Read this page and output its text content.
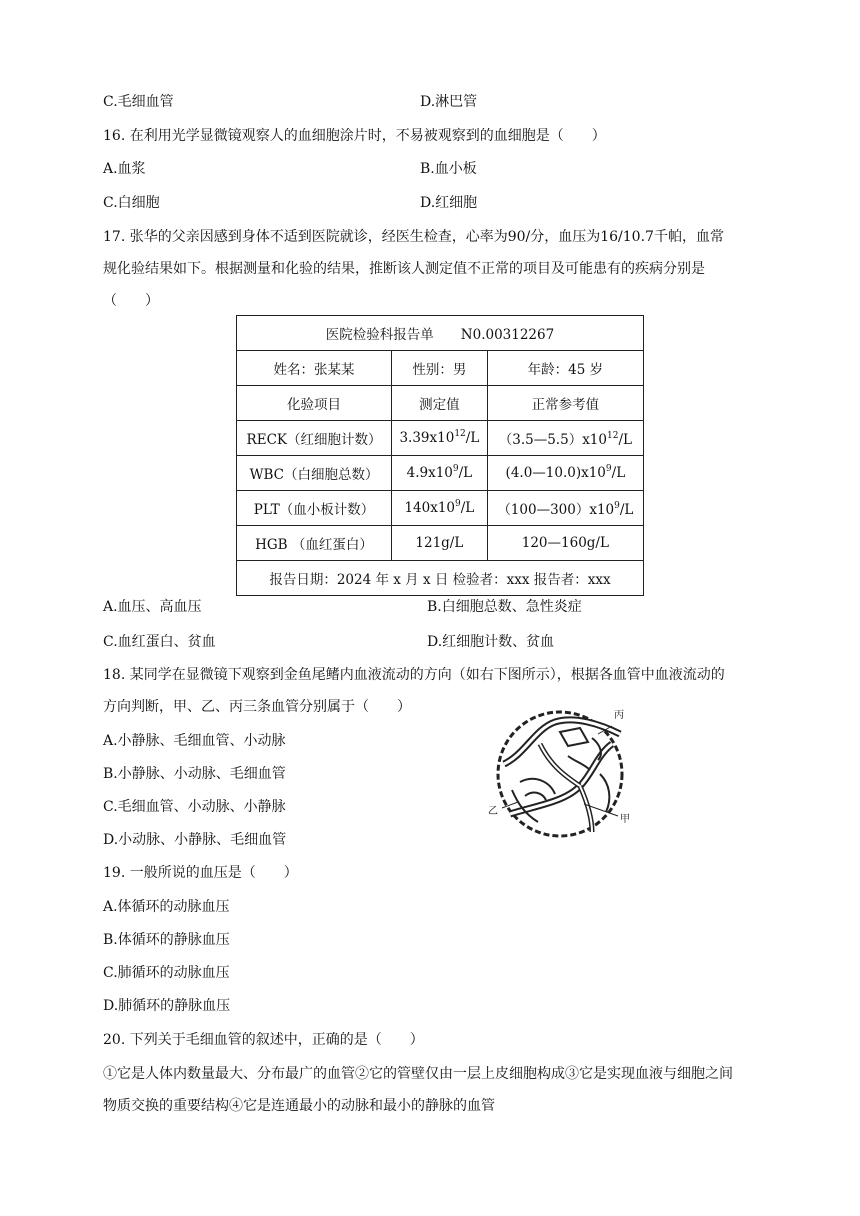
C.毛细血管	D.淋巴管
16. 在利用光学显微镜观察人的血细胞涂片时，不易被观察到的血细胞是（　　）
A.血浆	B.血小板
C.白细胞	D.红细胞
17. 张华的父亲因感到身体不适到医院就诊，经医生检查，心率为90/分，血压为16/10.7千帕，血常
规化验结果如下。根据测量和化验的结果，推断该人测定值不正常的项目及可能患有的疾病分别是
（　　）
医院检验科报告单　　N0.00312267		
姓名：张某某	性别：男	年龄：45 岁
化验项目	测定值	正常参考值
RECK（红细胞计数）	$3.39x10^{12}/L$	$(3.5—5.5)x10^{12}/L$
WBC（白细胞总数）	$4.9x10^9/L$	$(4.0—10.0)x10^9/L$
PLT（血小板计数）	$140x10^9/L$	$(100—300)x10^9/L$
HGB （血红蛋白）	121g/L	120—160g/L
报告日期：2024 年 x 月 x 日 检验者：xxx 报告者：xxx		
A.血压、高血压	B.白细胞总数、急性炎症
C.血红蛋白、贫血	D.红细胞计数、贫血
18. 某同学在显微镜下观察到金鱼尾鳍内血液流动的方向（如右下图所示），根据各血管中血液流动的
方向判断，甲、乙、丙三条血管分别属于（　　）
A.小静脉、毛细血管、小动脉
B.小静脉、小动脉、毛细血管
C.毛细血管、小动脉、小静脉
D.小动脉、小静脉、毛细血管
丙
乙
甲
19. 一般所说的血压是（　　）
A.体循环的动脉血压
B.体循环的静脉血压
C.肺循环的动脉血压
D.肺循环的静脉血压
20. 下列关于毛细血管的叙述中，正确的是（　　）
①它是人体内数量最大、分布最广的血管②它的管壁仅由一层上皮细胞构成③它是实现血液与细胞之间
物质交换的重要结构④它是连通最小的动脉和最小的静脉的血管
